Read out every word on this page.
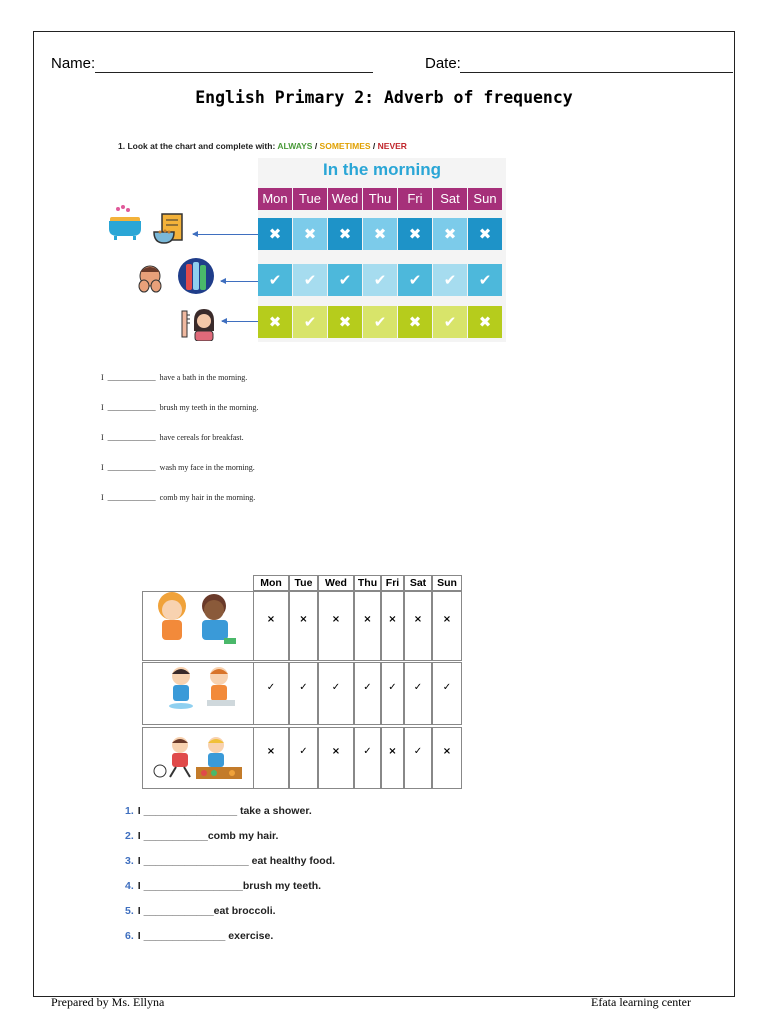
Name:	Date:
English Primary 2: Adverb of frequency
1. Look at the chart and complete with: ALWAYS / SOMETIMES / NEVER
In the morning
Mon Tue Wed Thu	Fri	Sat	Sun
✖	✖	✖	✖	✖	✖	✖
✔	✔	✔	✔	✔	✔	✔
✖	✔	✖	✔	✖	✔	✖
I ____________ have a bath in the morning.
I ____________ brush my teeth in the morning.
I ____________ have cereals for breakfast.
I ____________ wash my face in the morning.
I ____________ comb my hair in the morning.
Mon	Tue	Wed	Thu Fri	Sat	Sun
×	×	×	×	×	×	×
✓	✓	✓	✓	✓	✓	✓
×	✓	×	✓	×	✓	×
1. I ________________ take a shower.
2. I ___________comb my hair.
3. I __________________ eat healthy food.
4. I _________________brush my teeth.
5. I ____________eat broccoli.
6. I ______________ exercise.
Prepared by Ms. Ellyna	Efata learning center
